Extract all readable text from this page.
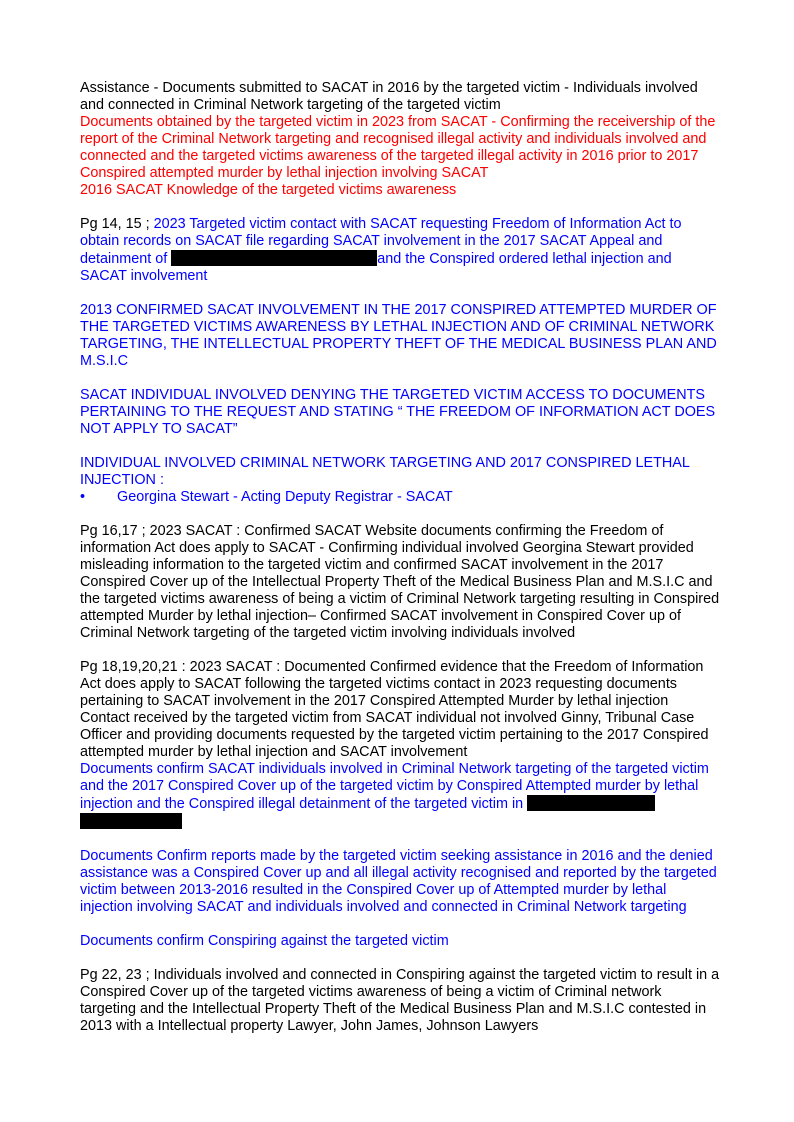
Assistance - Documents submitted to SACAT in 2016 by the targeted victim - Individuals involved and connected in Criminal Network targeting of the targeted victim

Documents obtained by the targeted victim in 2023 from SACAT - Confirming the receivership of the report of the Criminal Network targeting and recognised illegal activity and individuals involved and connected and the targeted victims awareness of the targeted illegal activity in 2016 prior to 2017 Conspired attempted murder by lethal injection involving SACAT

2016 SACAT Knowledge of the targeted victims awareness

Pg 14, 15 ; 2023 Targeted victim contact with SACAT requesting Freedom of Information Act to obtain records on SACAT file regarding SACAT involvement in the 2017 SACAT Appeal and detainment of	and the Conspired ordered lethal injection and SACAT involvement

2013 CONFIRMED SACAT INVOLVEMENT IN THE 2017 CONSPIRED ATTEMPTED MURDER OF THE TARGETED VICTIMS AWARENESS BY LETHAL INJECTION AND OF CRIMINAL NETWORK TARGETING, THE INTELLECTUAL PROPERTY THEFT OF THE MEDICAL BUSINESS PLAN AND M.S.I.C

SACAT INDIVIDUAL INVOLVED DENYING THE TARGETED VICTIM ACCESS TO DOCUMENTS PERTAINING TO THE REQUEST AND STATING “ THE FREEDOM OF INFORMATION ACT DOES NOT APPLY TO SACAT”

INDIVIDUAL INVOLVED CRIMINAL NETWORK TARGETING AND 2017 CONSPIRED LETHAL INJECTION :

• Georgina Stewart - Acting Deputy Registrar - SACAT

Pg 16,17 ; 2023 SACAT : Confirmed SACAT Website documents confirming the Freedom of information Act does apply to SACAT - Confirming individual involved Georgina Stewart provided misleading information to the targeted victim and confirmed SACAT involvement in the 2017 Conspired Cover up of the Intellectual Property Theft of the Medical Business Plan and M.S.I.C and the targeted victims awareness of being a victim of Criminal Network targeting resulting in Conspired attempted Murder by lethal injection– Confirmed SACAT involvement in Conspired Cover up of Criminal Network targeting of the targeted victim involving individuals involved

Pg 18,19,20,21 : 2023 SACAT : Documented Confirmed evidence that the Freedom of Information Act does apply to SACAT following the targeted victims contact in 2023 requesting documents pertaining to SACAT involvement in the 2017 Conspired Attempted Murder by lethal injection

Contact received by the targeted victim from SACAT individual not involved Ginny, Tribunal Case Officer and providing documents requested by the targeted victim pertaining to the 2017 Conspired attempted murder by lethal injection and SACAT involvement

Documents confirm SACAT individuals involved in Criminal Network targeting of the targeted victim and the 2017 Conspired Cover up of the targeted victim by Conspired Attempted murder by lethal injection and the Conspired illegal detainment of the targeted victim in

Documents Confirm reports made by the targeted victim seeking assistance in 2016 and the denied assistance was a Conspired Cover up and all illegal activity recognised and reported by the targeted victim between 2013-2016 resulted in the Conspired Cover up of Attempted murder by lethal injection involving SACAT and individuals involved and connected in Criminal Network targeting

Documents confirm Conspiring against the targeted victim

Pg 22, 23 ; Individuals involved and connected in Conspiring against the targeted victim to result in a Conspired Cover up of the targeted victims awareness of being a victim of Criminal network targeting and the Intellectual Property Theft of the Medical Business Plan and M.S.I.C contested in 2013 with a Intellectual property Lawyer, John James, Johnson Lawyers
